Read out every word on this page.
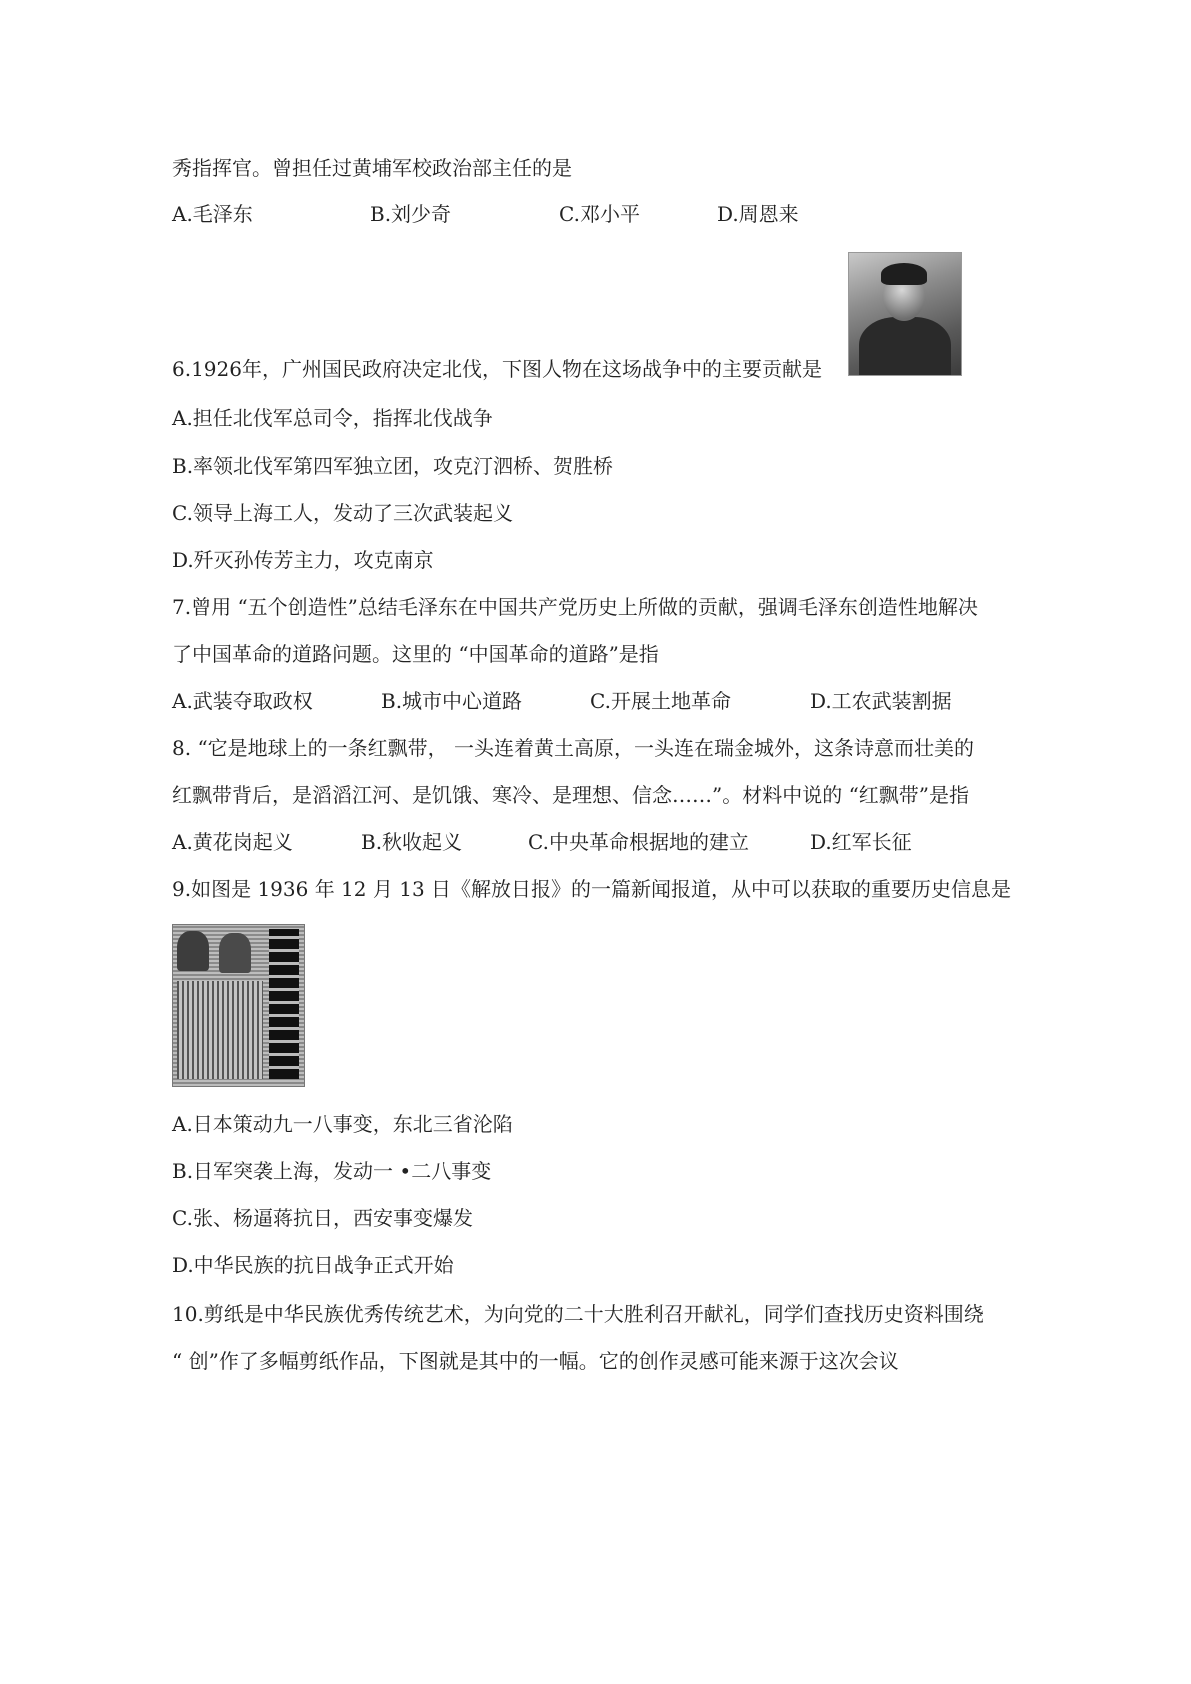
秀指挥官。曾担任过黄埔军校政治部主任的是
A.毛泽东	B.刘少奇	C.邓小平	D.周恩来
6.1926年，广州国民政府决定北伐，下图人物在这场战争中的主要贡献是
A.担任北伐军总司令，指挥北伐战争
B.率领北伐军第四军独立团，攻克汀泗桥、贺胜桥
C.领导上海工人，发动了三次武装起义
D.歼灭孙传芳主力，攻克南京
7.曾用 “五个创造性”总结毛泽东在中国共产党历史上所做的贡献，强调毛泽东创造性地解决
了中国革命的道路问题。这里的 “中国革命的道路”是指
A.武装夺取政权	B.城市中心道路	C.开展土地革命	D.工农武装割据
8. “它是地球上的一条红飘带， 一头连着黄土高原，一头连在瑞金城外，这条诗意而壮美的
红飘带背后，是滔滔江河、是饥饿、寒冷、是理想、信念……”。材料中说的 “红飘带”是指
A.黄花岗起义	B.秋收起义	C.中央革命根据地的建立	D.红军长征
9.如图是 1936 年 12 月 13 日《解放日报》的一篇新闻报道，从中可以获取的重要历史信息是
A.日本策动九一八事变，东北三省沦陷
B.日军突袭上海，发动一 •二八事变
C.张、杨逼蒋抗日，西安事变爆发
D.中华民族的抗日战争正式开始
10.剪纸是中华民族优秀传统艺术，为向党的二十大胜利召开献礼，同学们查找历史资料围绕
“ 创”作了多幅剪纸作品，下图就是其中的一幅。它的创作灵感可能来源于这次会议
